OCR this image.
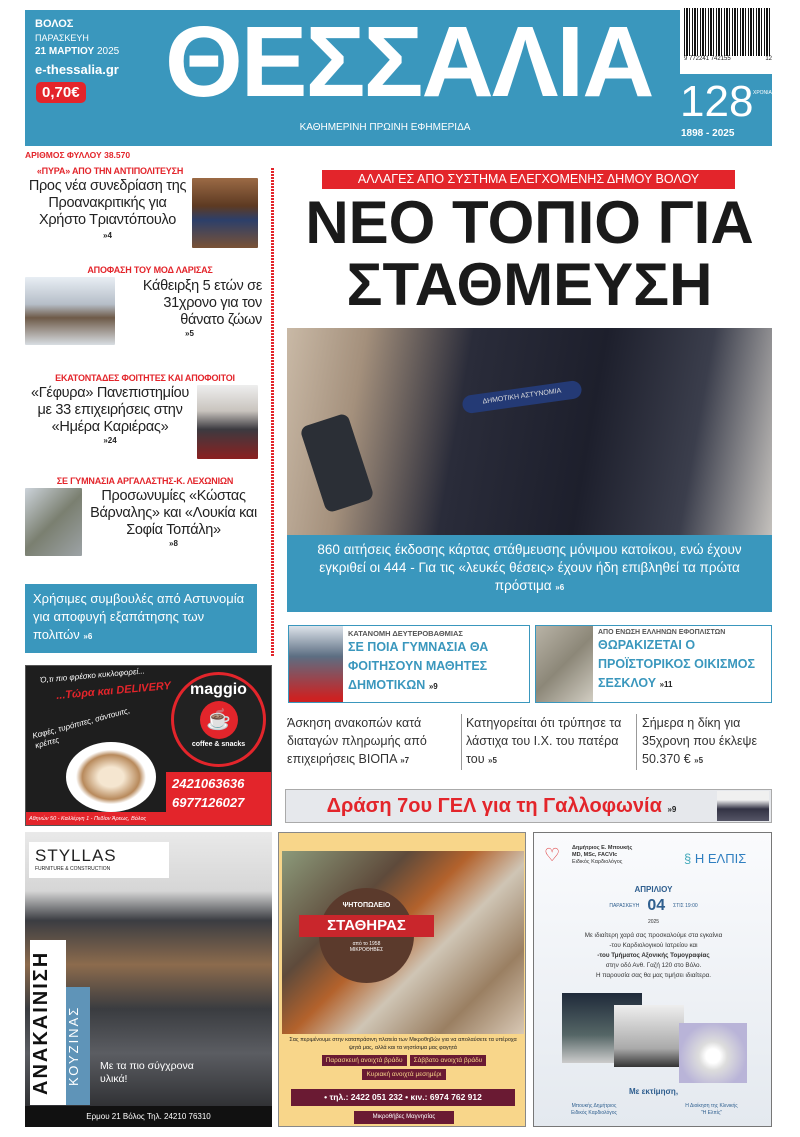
ΒΟΛΟΣ
ΠΑΡΑΣΚΕΥΗ
21 ΜΑΡΤΙΟΥ 2025
e-thessalia.gr
0,70€ ΘΕΣΣΑΛΙΑ
ΚΑΘΗΜΕΡΙΝΗ ΠΡΩΙΝΗ ΕΦΗΜΕΡΙΔΑ
9 772241 742155	12
128 ΧΡΟΝΙΑ
1898 - 2025
ΑΡΙΘΜΟΣ ΦΥΛΛΟΥ 38.570
«ΠΥΡΑ» ΑΠΟ ΤΗΝ ΑΝΤΙΠΟΛΙΤΕΥΣΗ
Προς νέα συνεδρίαση της Προανακριτικής για Χρήστο Τριαντόπουλο
»4
ΑΠΟΦΑΣΗ ΤΟΥ ΜΟΔ ΛΑΡΙΣΑΣ
Κάθειρξη 5 ετών σε 31χρονο για τον θάνατο ζώων
»5
ΕΚΑΤΟΝΤΑΔΕΣ ΦΟΙΤΗΤΕΣ ΚΑΙ ΑΠΟΦΟΙΤΟΙ
«Γέφυρα» Πανεπιστημίου με 33 επιχειρήσεις στην «Ημέρα Καριέρας»
»24
ΣΕ ΓΥΜΝΑΣΙΑ ΑΡΓΑΛΑΣΤΗΣ-Κ. ΛΕΧΩΝΙΩΝ
Προσωνυμίες «Κώστας Βάρναλης» και «Λουκία και Σοφία Τοπάλη»
»8
Χρήσιμες συμβουλές από Αστυνομία για αποφυγή εξαπάτησης των πολιτών »6
ΑΛΛΑΓΕΣ ΑΠΟ ΣΥΣΤΗΜΑ ΕΛΕΓΧΟΜΕΝΗΣ ΔΗΜΟΥ ΒΟΛΟΥ
ΝΕΟ ΤΟΠΙΟ ΓΙΑ
ΣΤΑΘΜΕΥΣΗ
ΔΗΜΟΤΙΚΗ ΑΣΤΥΝΟΜΙΑ
860 αιτήσεις έκδοσης κάρτας στάθμευσης μόνιμου κατοίκου, ενώ έχουν εγκριθεί οι 444 - Για τις «λευκές θέσεις» έχουν ήδη επιβληθεί τα πρώτα πρόστιμα »6
ΚΑΤΑΝΟΜΗ ΔΕΥΤΕΡΟΒΑΘΜΙΑΣ
ΣΕ ΠΟΙΑ ΓΥΜΝΑΣΙΑ ΘΑ ΦΟΙΤΗΣΟΥΝ ΜΑΘΗΤΕΣ ΔΗΜΟΤΙΚΩΝ »9
ΑΠΟ ΕΝΩΣΗ ΕΛΛΗΝΩΝ ΕΦΟΠΛΙΣΤΩΝ
ΘΩΡΑΚΙΖΕΤΑΙ Ο ΠΡΟΪΣΤΟΡΙΚΟΣ ΟΙΚΙΣΜΟΣ ΣΕΣΚΛΟΥ »11
Άσκηση ανακοπών κατά διαταγών πληρωμής από επιχειρήσεις ΒΙΟΠΑ »7
Κατηγορείται ότι τρύπησε τα λάστιχα του Ι.Χ. του πατέρα του »5
Σήμερα η δίκη για 35χρονη που έκλεψε 50.370 € »5
Δράση 7ου ΓΕΛ για τη Γαλλοφωνία »9
Ό,τι πιο φρέσκο κυκλοφορεί...
...Τώρα και DELIVERY
Καφές, τυρόπιτες, σάντουιτς, κρέπες
maggio
☕
coffee & snacks
2421063636
6977126027
Αθηνών 50 - Καλλέργη 1 - Πεδίον Άρεως, Βόλος
STYLLAS
FURNITURE & CONSTRUCTION
ΑΝΑΚΑΙΝΙΣΗ ΚΟΥΖΙΝΑΣ Με τα πιο σύγχρονα υλικά!
Ερμου 21 Βόλος Τηλ. 24210 76310
ΨΗΤΟΠΩΛΕΙΟ
ΣΤΑΘΗΡΑΣ
από το 1958
ΜΙΚΡΟΘΗΒΕΣ
Σας περιμένουμε στην καταπράσινη πλατεία των Μικροθηβών για να απολαύσετε τα υπέροχα ψητά μας, αλλά και τα νηστίσιμα μας φαγητά
Παρασκευή ανοιχτά βράδυ	Σάββατο ανοιχτά βράδυ
Κυριακή ανοιχτά μεσημέρι
• τηλ.: 2422 051 232 • κιν.: 6974 762 912
Μικροθήβες Μαγνησίας
♡ Δημήτριος Ε. Μπουκής
MD, MSc, FACVIc
Ειδικός Καρδιολόγος	§ Η ΕΛΠΙΣ
ΑΠΡΙΛΙΟΥ
ΠΑΡΑΣΚΕΥΗ 04 ΣΤΙΣ 19:00
2025
Με ιδιαίτερη χαρά σας προσκαλούμε στα εγκαίνια
-του Καρδιολογικού Ιατρείου και
-του Τμήματος Αξονικής Τομογραφίας
στην οδό Ανθ. Γαζή 120 στο Βόλο.
Η παρουσία σας θα μας τιμήσει ιδιαίτερα.
Με εκτίμηση,
Μπουκής Δημήτριος
Ειδικός Καρδιολόγος
Η Διοίκηση της Κλινικής
"Η Ελπίς"
